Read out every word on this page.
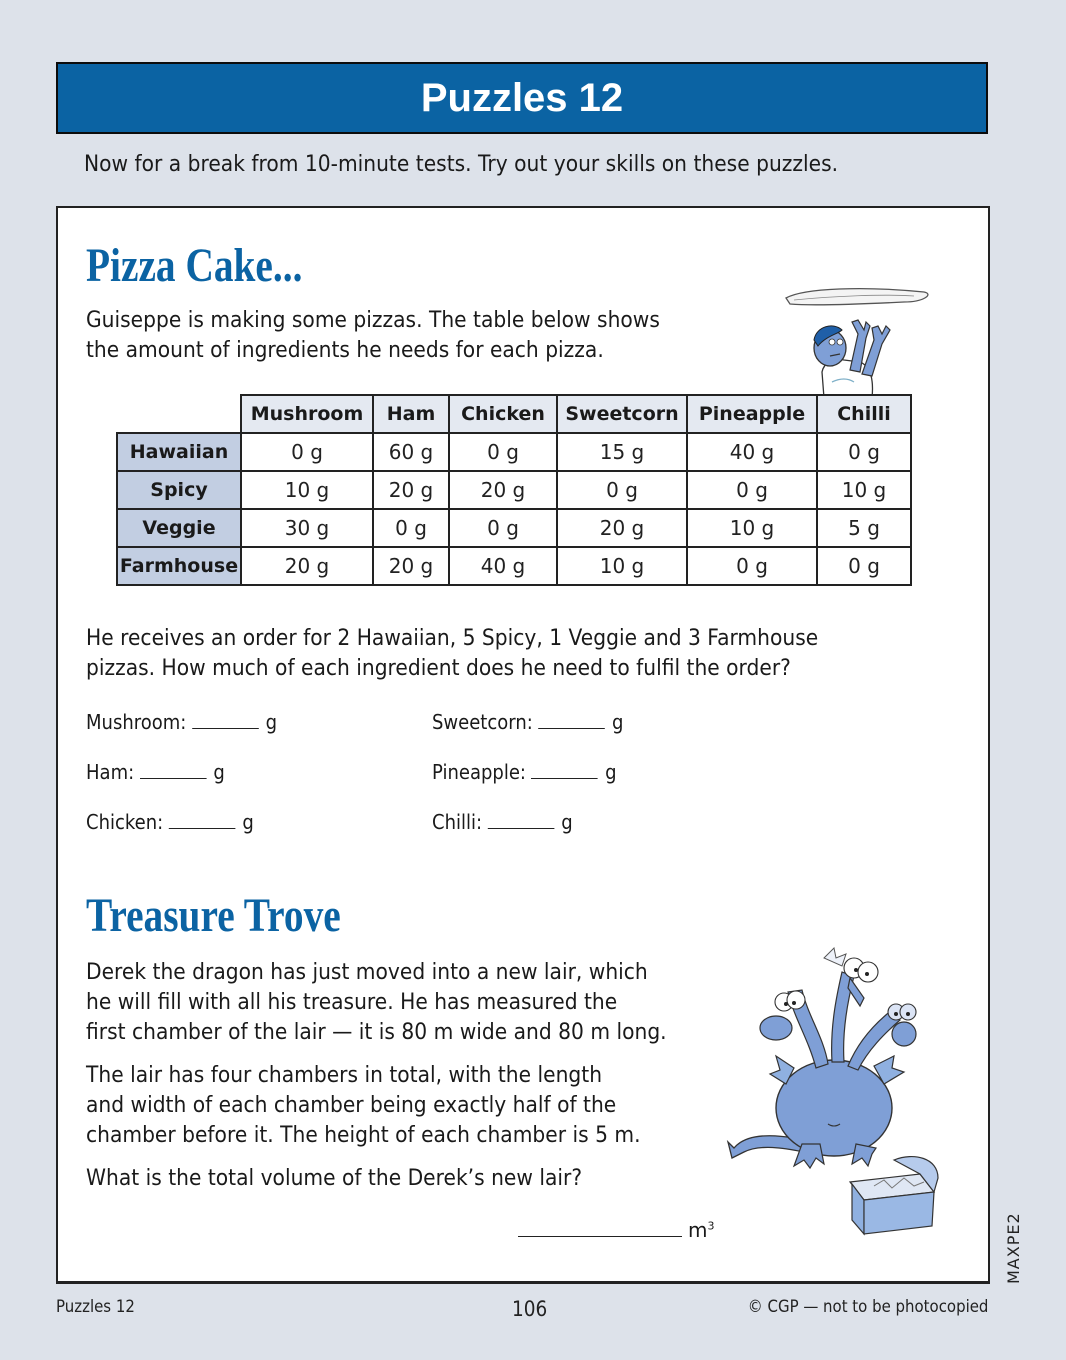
Puzzles 12
Now for a break from 10-minute tests. Try out your skills on these puzzles.
Pizza Cake...
Guiseppe is making some pizzas. The table below shows
the amount of ingredients he needs for each pizza.
	Mushroom	Ham	Chicken	Sweetcorn	Pineapple	Chilli
Hawaiian	0 g	60 g	0 g	15 g	40 g	0 g
Spicy	10 g	20 g	20 g	0 g	0 g	10 g
Veggie	30 g	0 g	0 g	20 g	10 g	5 g
Farmhouse	20 g	20 g	40 g	10 g	0 g	0 g
He receives an order for 2 Hawaiian, 5 Spicy, 1 Veggie and 3 Farmhouse
pizzas. How much of each ingredient does he need to fulfil the order?
Mushroom:	g
Ham:	g
Chicken:	g
Sweetcorn:	g
Pineapple:	g
Chilli:	g
Treasure Trove
Derek the dragon has just moved into a new lair, which
he will fill with all his treasure. He has measured the
first chamber of the lair — it is 80 m wide and 80 m long.
The lair has four chambers in total, with the length
and width of each chamber being exactly half of the
chamber before it. The height of each chamber is 5 m.
What is the total volume of the Derek’s new lair?
$m^3$
Puzzles 12	106	© CGP — not to be photocopied
MAXPE2
